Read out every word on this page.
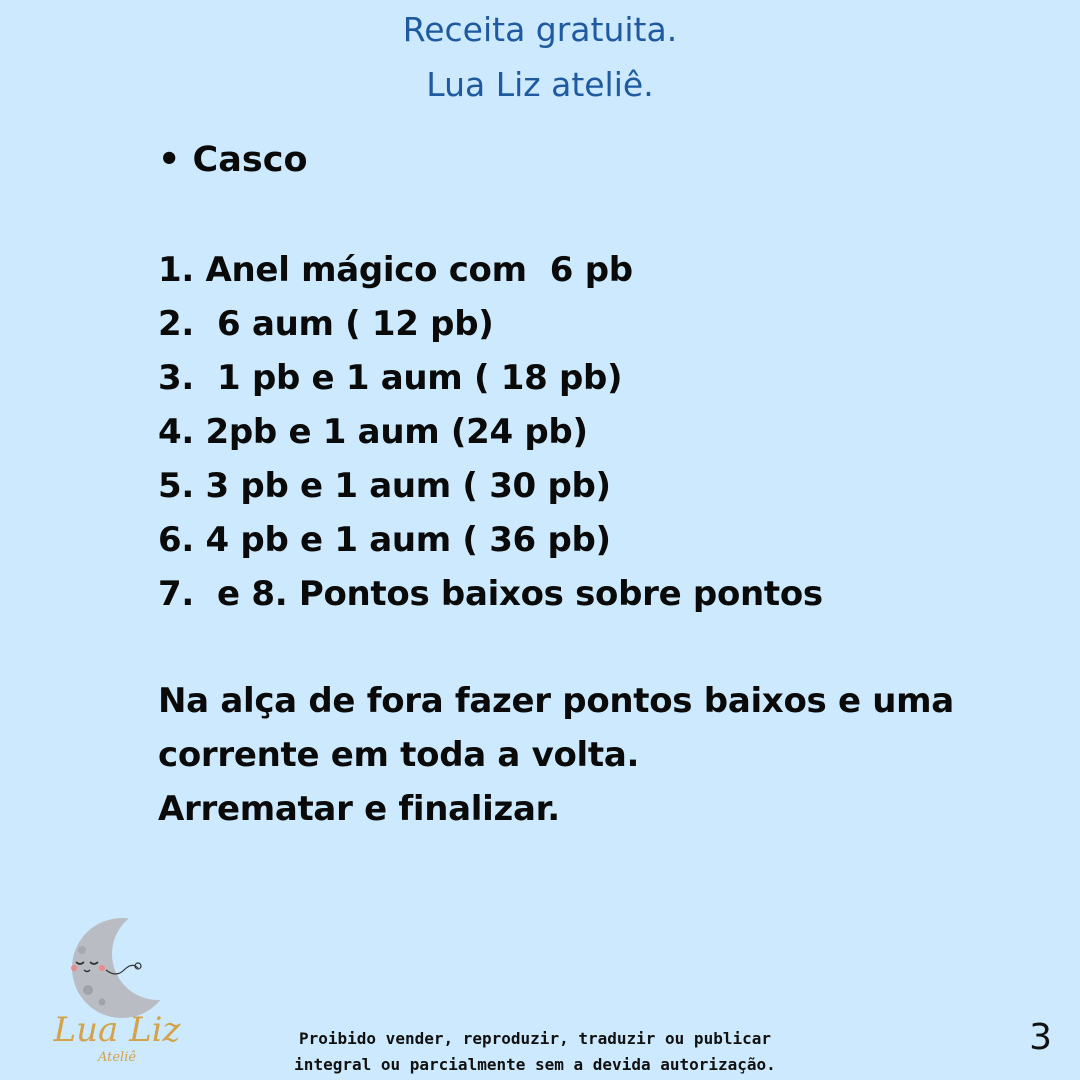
Receita gratuita.
Lua Liz ateliê.
• Casco
1. Anel mágico com  6 pb
2.  6 aum ( 12 pb)
3.  1 pb e 1 aum ( 18 pb)
4. 2pb e 1 aum (24 pb)
5. 3 pb e 1 aum ( 30 pb)
6. 4 pb e 1 aum ( 36 pb)
7.  e 8. Pontos baixos sobre pontos
Na alça de fora fazer pontos baixos e uma
corrente em toda a volta.
Arrematar e finalizar.
Lua Liz
Ateliê
Proibido vender, reproduzir, traduzir ou publicar
integral ou parcialmente sem a devida autorização.
3
